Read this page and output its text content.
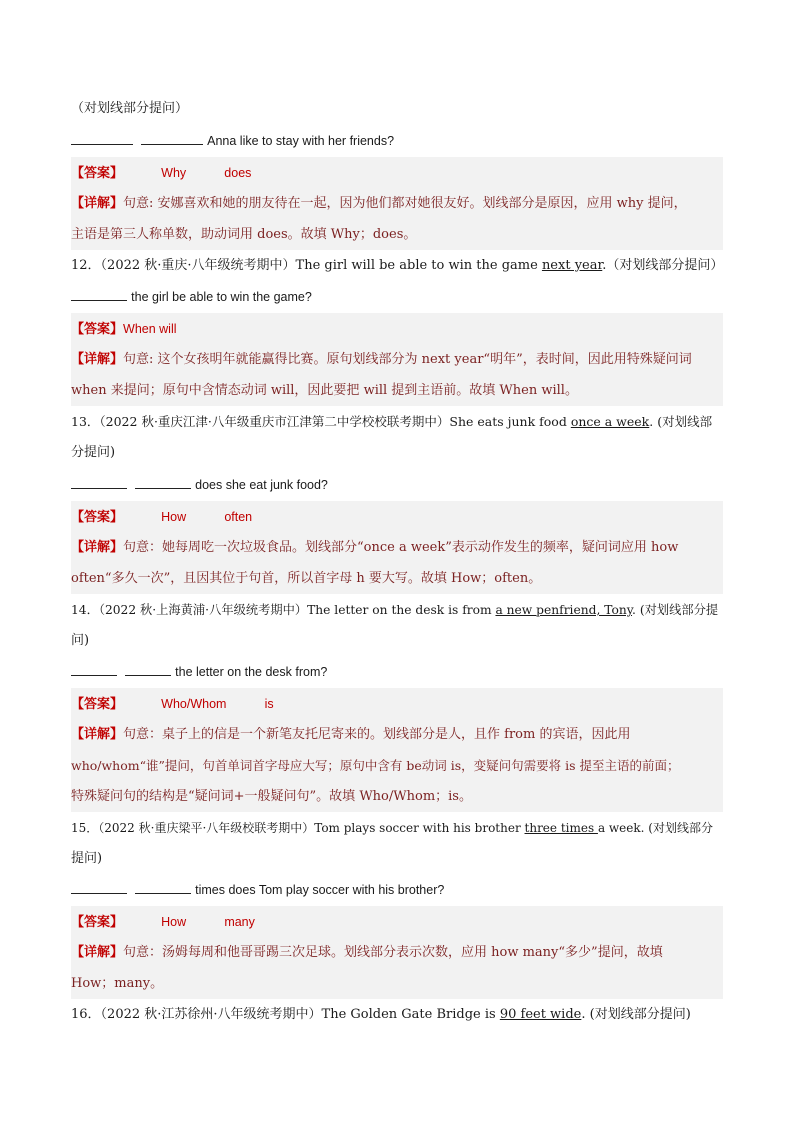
（对划线部分提问）
Anna like to stay with her friends?
【答案】	Why	does
【详解】句意: 安娜喜欢和她的朋友待在一起，因为他们都对她很友好。划线部分是原因，应用 why 提问，
主语是第三人称单数，助动词用 does。故填 Why；does。
12．（2022 秋·重庆·八年级统考期中）The girl will be able to win the game next year.（对划线部分提问）
the girl be able to win the game?
【答案】When will
【详解】句意: 这个女孩明年就能赢得比赛。原句划线部分为 next year“明年”，表时间，因此用特殊疑问词
when 来提问；原句中含情态动词 will，因此要把 will 提到主语前。故填 When will。
13．（2022 秋·重庆江津·八年级重庆市江津第二中学校校联考期中）She eats junk food once a week. (对划线部
分提问)
does she eat junk food?
【答案】	How	often
【详解】句意：她每周吃一次垃圾食品。划线部分“once a week”表示动作发生的频率，疑问词应用 how
often“多久一次”，且因其位于句首，所以首字母 h 要大写。故填 How；often。
14．（2022 秋·上海黄浦·八年级统考期中）The letter on the desk is from a new penfriend, Tony. (对划线部分提
问)
the letter on the desk from?
【答案】	Who/Whom	is
【详解】句意：桌子上的信是一个新笔友托尼寄来的。划线部分是人，且作 from 的宾语，因此用
who/whom“谁”提问，句首单词首字母应大写；原句中含有 be动词 is，变疑问句需要将 is 提至主语的前面；
特殊疑问句的结构是“疑问词+一般疑问句”。故填 Who/Whom；is。
15．（2022 秋·重庆梁平·八年级校联考期中）Tom plays soccer with his brother three times a week. (对划线部分
提问)
times does Tom play soccer with his brother?
【答案】	How	many
【详解】句意：汤姆每周和他哥哥踢三次足球。划线部分表示次数，应用 how many“多少”提问，故填
How；many。
16．（2022 秋·江苏徐州·八年级统考期中）The Golden Gate Bridge is 90 feet wide. (对划线部分提问)
